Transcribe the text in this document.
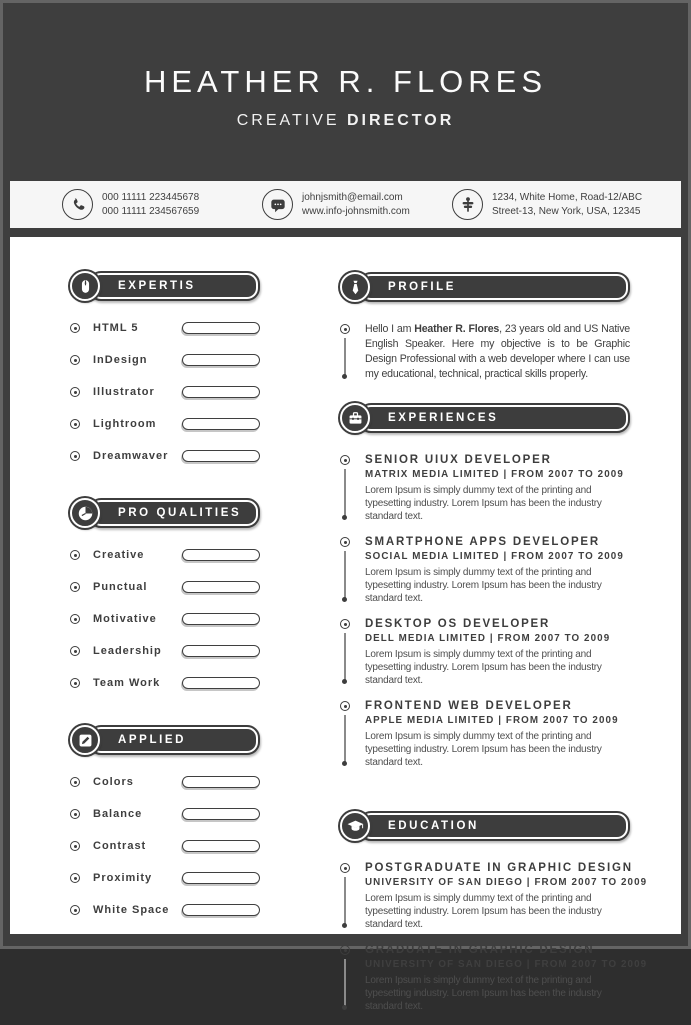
HEATHER R. FLORES
CREATIVE DIRECTOR
000 11111 223445678
000 11111 234567659
johnjsmith@email.com
www.info-johnsmith.com
1234, White Home, Road-12/ABC
Street-13, New York, USA, 12345
EXPERTIS
HTML 5
InDesign
Illustrator
Lightroom
Dreamwaver
PRO QUALITIES
Creative
Punctual
Motivative
Leadership
Team Work
APPLIED
Colors
Balance
Contrast
Proximity
White Space
PROFILE
Hello I am Heather R. Flores, 23 years old and US Native English Speaker. Here my objective is to be Graphic Design Professional with a web developer where I can use my educational, technical, practical skills properly.
EXPERIENCES
SENIOR UIUX DEVELOPER
MATRIX MEDIA LIMITED | FROM 2007 TO 2009
Lorem Ipsum is simply dummy text of the printing and typesetting industry. Lorem Ipsum has been the industry standard text.
SMARTPHONE APPS DEVELOPER
SOCIAL MEDIA LIMITED | FROM 2007 TO 2009
Lorem Ipsum is simply dummy text of the printing and typesetting industry. Lorem Ipsum has been the industry standard text.
DESKTOP OS DEVELOPER
DELL MEDIA LIMITED | FROM 2007 TO 2009
Lorem Ipsum is simply dummy text of the printing and typesetting industry. Lorem Ipsum has been the industry standard text.
FRONTEND WEB DEVELOPER
APPLE MEDIA LIMITED | FROM 2007 TO 2009
Lorem Ipsum is simply dummy text of the printing and typesetting industry. Lorem Ipsum has been the industry standard text.
EDUCATION
POSTGRADUATE IN GRAPHIC DESIGN
UNIVERSITY OF SAN DIEGO | FROM 2007 TO 2009
Lorem Ipsum is simply dummy text of the printing and typesetting industry. Lorem Ipsum has been the industry standard text.
GRADUATE IN GRAPHIC DESIGN
UNIVERSITY OF SAN DIEGO | FROM 2007 TO 2009
Lorem Ipsum is simply dummy text of the printing and typesetting industry. Lorem Ipsum has been the industry standard text.
